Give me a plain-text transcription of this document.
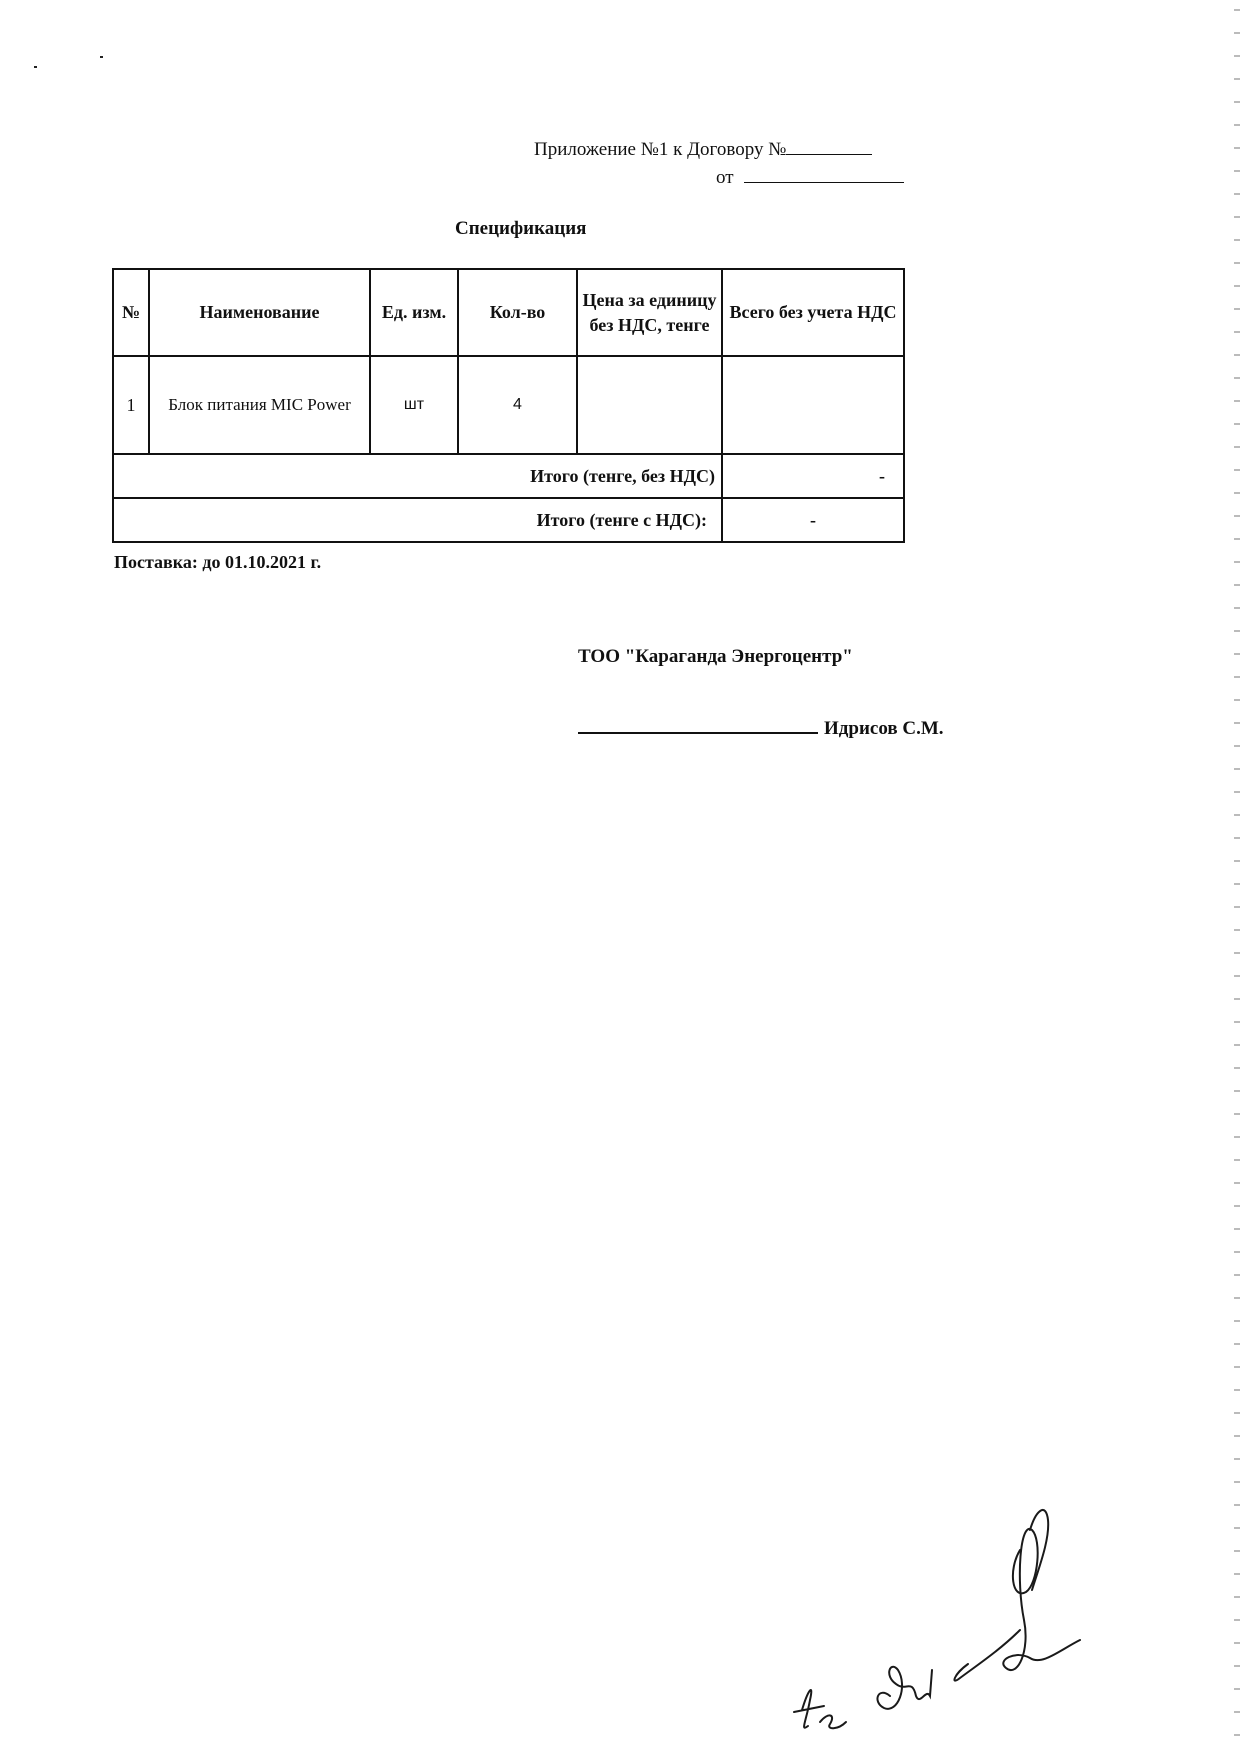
Приложение №1 к Договору №
от
Спецификация
№	Наименование	Ед. изм.	Кол-во	Цена за единицу без НДС, тенге	Всего без учета НДС
1	Блок питания MIC Power	шт	4		
Итого (тенге, без НДС)					-
Итого (тенге с НДС):					-
Поставка: до 01.10.2021 г.
ТОО "Караганда Энергоцентр"
Идрисов С.М.
